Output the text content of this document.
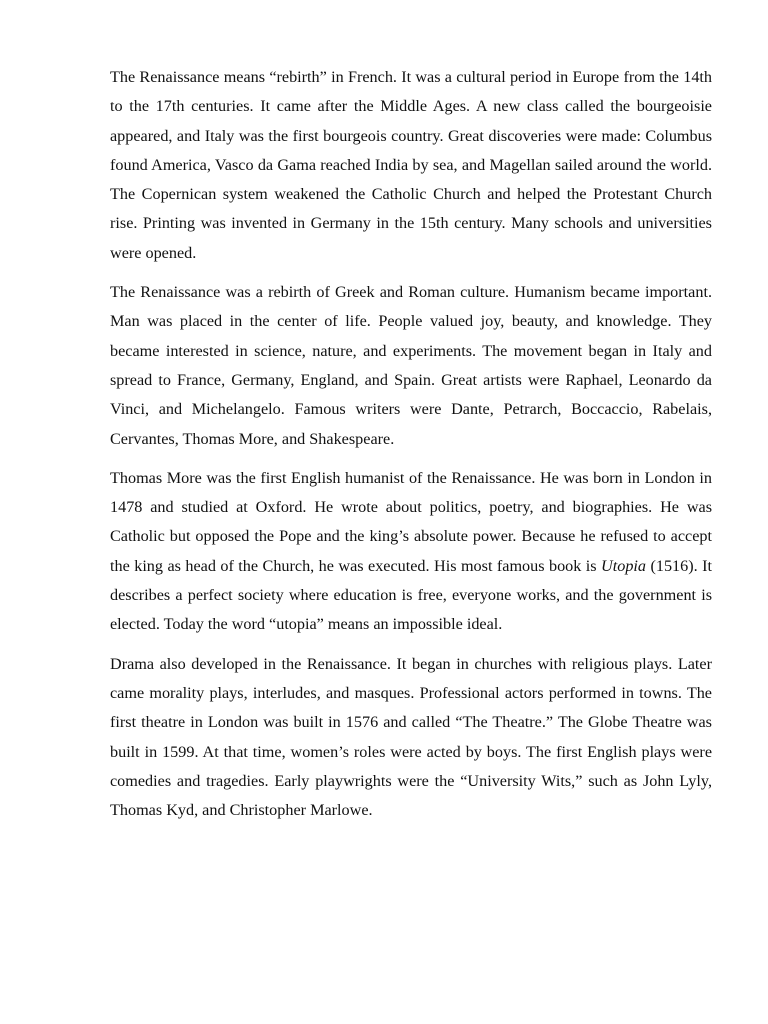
The Renaissance means “rebirth” in French. It was a cultural period in Europe from the 14th to the 17th centuries. It came after the Middle Ages. A new class called the bourgeoisie appeared, and Italy was the first bourgeois country. Great discoveries were made: Columbus found America, Vasco da Gama reached India by sea, and Magellan sailed around the world. The Copernican system weakened the Catholic Church and helped the Protestant Church rise. Printing was invented in Germany in the 15th century. Many schools and universities were opened.

The Renaissance was a rebirth of Greek and Roman culture. Humanism became important. Man was placed in the center of life. People valued joy, beauty, and knowledge. They became interested in science, nature, and experiments. The movement began in Italy and spread to France, Germany, England, and Spain. Great artists were Raphael, Leonardo da Vinci, and Michelangelo. Famous writers were Dante, Petrarch, Boccaccio, Rabelais, Cervantes, Thomas More, and Shakespeare.

Thomas More was the first English humanist of the Renaissance. He was born in London in 1478 and studied at Oxford. He wrote about politics, poetry, and biographies. He was Catholic but opposed the Pope and the king’s absolute power. Because he refused to accept the king as head of the Church, he was executed. His most famous book is Utopia (1516). It describes a perfect society where education is free, everyone works, and the government is elected. Today the word “utopia” means an impossible ideal.

Drama also developed in the Renaissance. It began in churches with religious plays. Later came morality plays, interludes, and masques. Professional actors performed in towns. The first theatre in London was built in 1576 and called “The Theatre.” The Globe Theatre was built in 1599. At that time, women’s roles were acted by boys. The first English plays were comedies and tragedies. Early playwrights were the “University Wits,” such as John Lyly, Thomas Kyd, and Christopher Marlowe.
